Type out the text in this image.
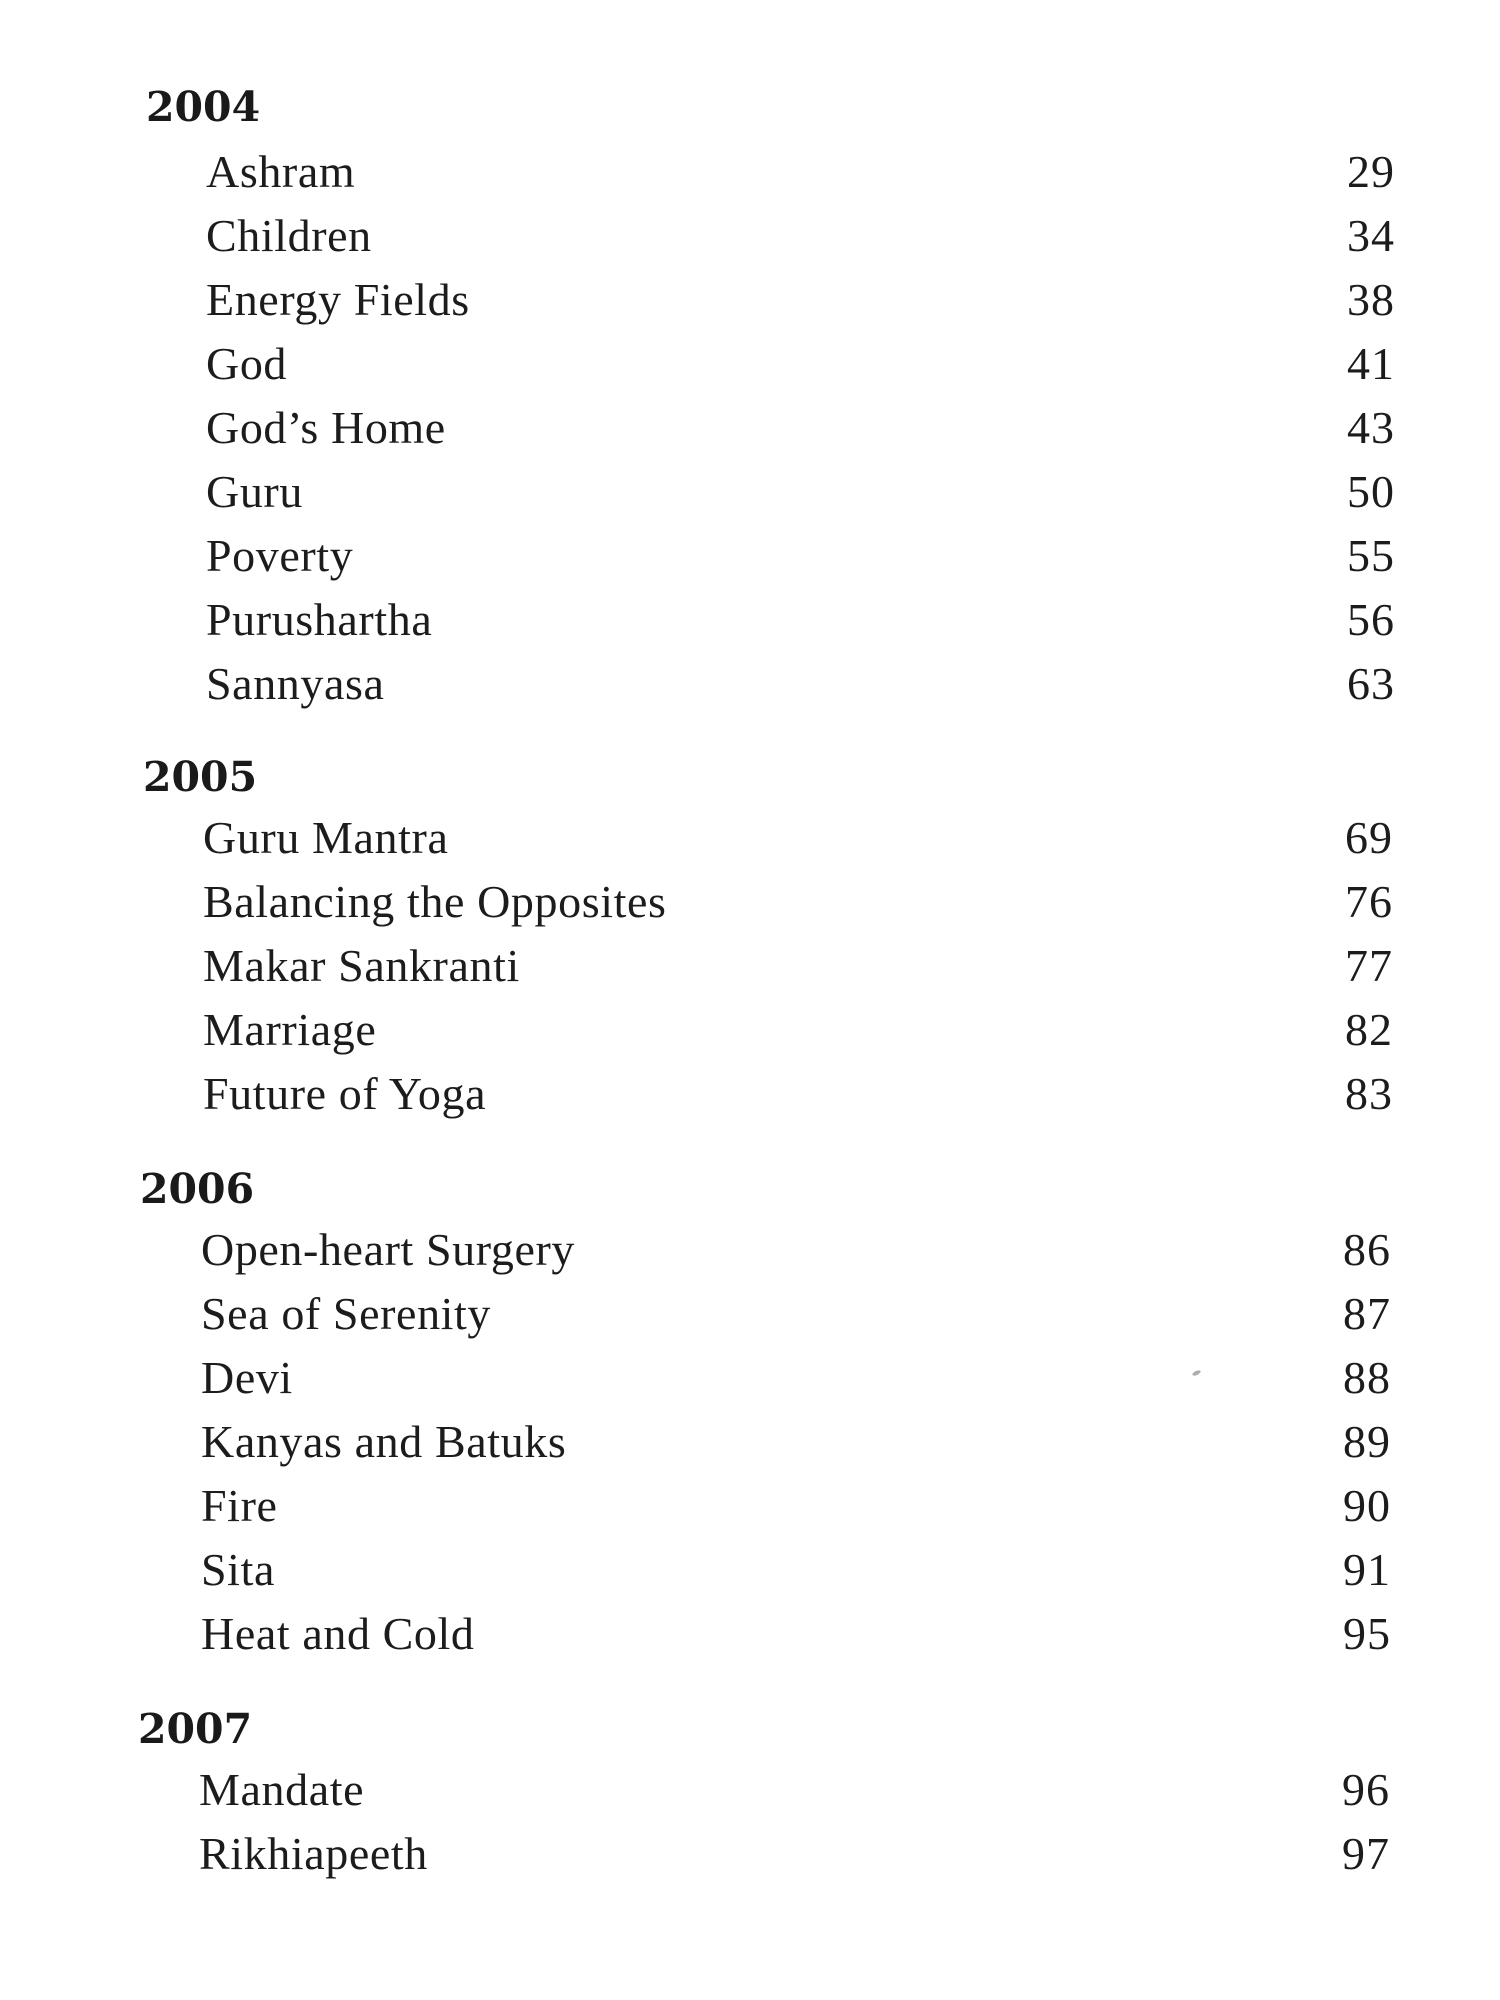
2004
Ashram	29
Children	34
Energy Fields	38
God	41
God’s Home	43
Guru	50
Poverty	55
Purushartha	56
Sannyasa	63
2005
Guru Mantra	69
Balancing the Opposites	76
Makar Sankranti	77
Marriage	82
Future of Yoga	83
2006
Open-heart Surgery	86
Sea of Serenity	87
Devi	88
Kanyas and Batuks	89
Fire	90
Sita	91
Heat and Cold	95
2007
Mandate	96
Rikhiapeeth	97
